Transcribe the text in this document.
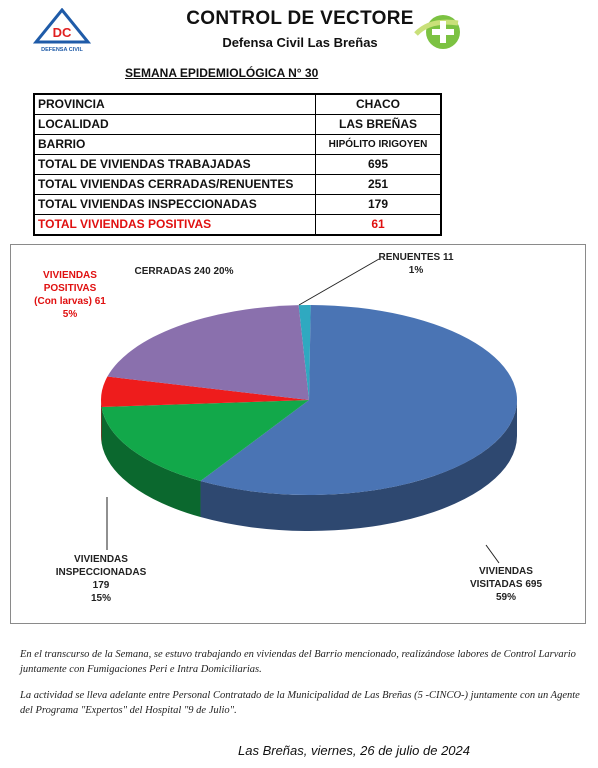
DC
DEFENSA CIVIL
CONTROL DE VECTORE
Defensa Civil Las Breñas
SEMANA EPIDEMIOLÓGICA N° 30
PROVINCIA	CHACO
LOCALIDAD	LAS BREÑAS
BARRIO	HIPÓLITO IRIGOYEN
TOTAL DE VIVIENDAS TRABAJADAS	695
TOTAL VIVIENDAS CERRADAS/RENUENTES	251
TOTAL VIVIENDAS INSPECCIONADAS	179
TOTAL VIVIENDAS POSITIVAS	61
RENUENTES 11
1%
CERRADAS 240 20%
VIVIENDAS
POSITIVAS
(Con larvas) 61
5%
VIVIENDAS
INSPECCIONADAS
179
15%
VIVIENDAS
VISITADAS 695
59%
En el transcurso de la Semana, se estuvo trabajando en viviendas del Barrio mencionado, realizándose labores de Control Larvario juntamente con Fumigaciones Peri e Intra Domiciliarias.
La actividad se lleva adelante entre Personal Contratado de la Municipalidad de Las Breñas (5 -CINCO-) juntamente con un Agente del Programa "Expertos" del Hospital "9 de Julio".
Las Breñas, viernes, 26 de julio de 2024
